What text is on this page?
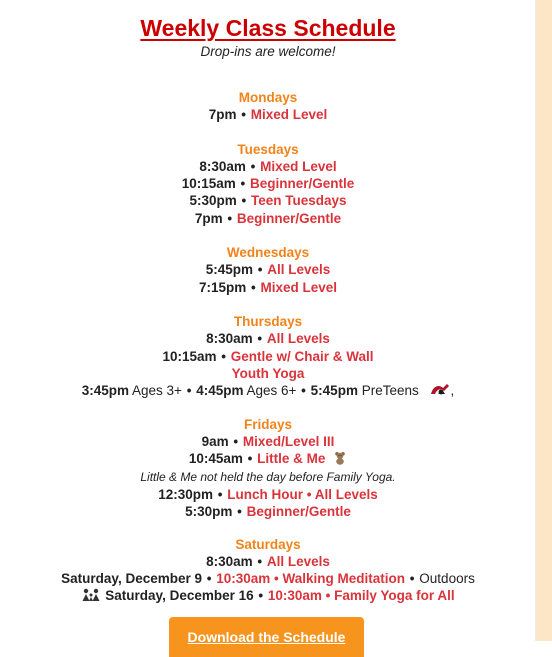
Weekly Class Schedule
Drop-ins are welcome!
Mondays
7pm • Mixed Level
Tuesdays
8:30am • Mixed Level
10:15am • Beginner/Gentle
5:30pm • Teen Tuesdays
7pm • Beginner/Gentle
Wednesdays
5:45pm • All Levels
7:15pm • Mixed Level
Thursdays
8:30am • All Levels
10:15am • Gentle w/ Chair & Wall
Youth Yoga
3:45pm Ages 3+ • 4:45pm Ages 6+ • 5:45pm PreTeens ,
Fridays
9am • Mixed/Level III
10:45am • Little & Me
Little & Me not held the day before Family Yoga.
12:30pm • Lunch Hour • All Levels
5:30pm • Beginner/Gentle
Saturdays
8:30am • All Levels
Saturday, December 9 • 10:30am • Walking Meditation • Outdoors
Saturday, December 16 • 10:30am • Family Yoga for All
Download the Schedule
